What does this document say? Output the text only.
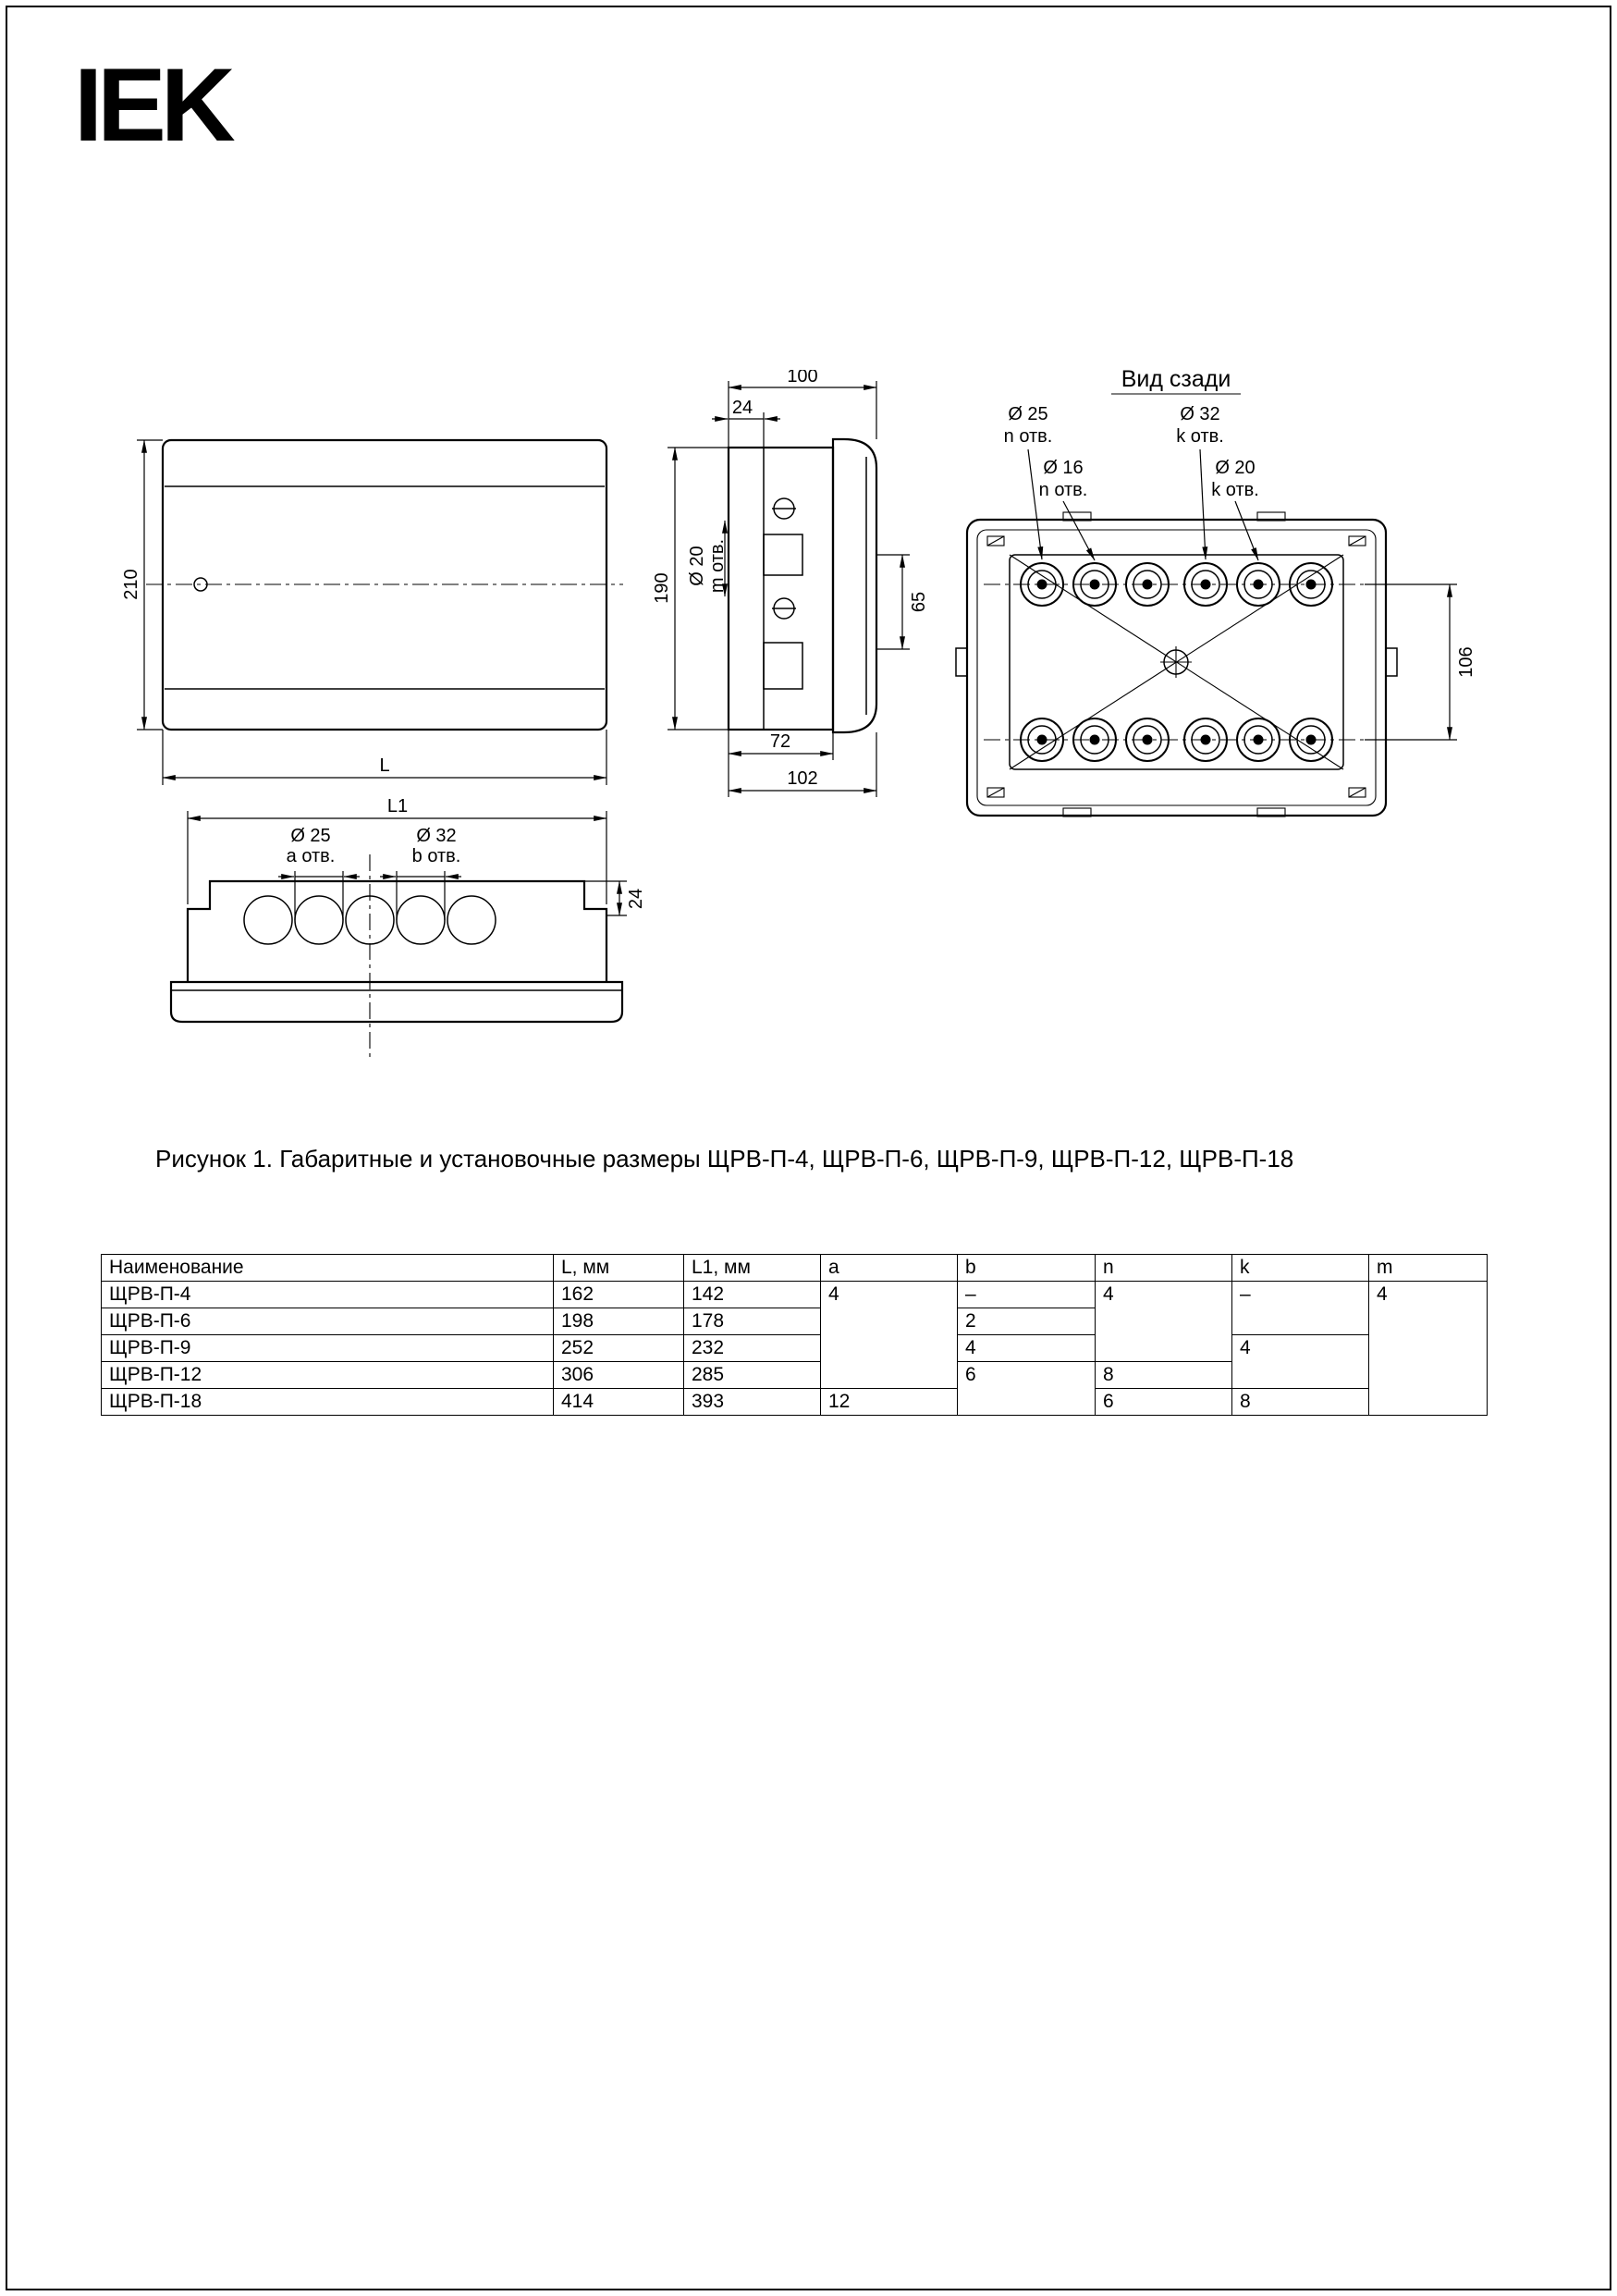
IEK
210
L
L1
Ø 25
a отв.
Ø 32
b отв.
24
100
24
190
Ø 20 m отв.
65
72
102
Вид сзади
Ø 25
n отв.
Ø 16
n отв.
Ø 32
k отв.
Ø 20
k отв.
106
Рисунок 1. Габаритные и установочные размеры ЩРВ-П-4, ЩРВ-П-6, ЩРВ-П-9, ЩРВ-П-12, ЩРВ-П-18
Наименование	L, мм	L1, мм	a	b	n	k	m
ЩРВ-П-4	162	142	4	–	4	–	4
ЩРВ-П-6	198	178		2			
ЩРВ-П-9	252	232		4		4	
ЩРВ-П-12	306	285		6	8		
ЩРВ-П-18	414	393	12		6	8	
